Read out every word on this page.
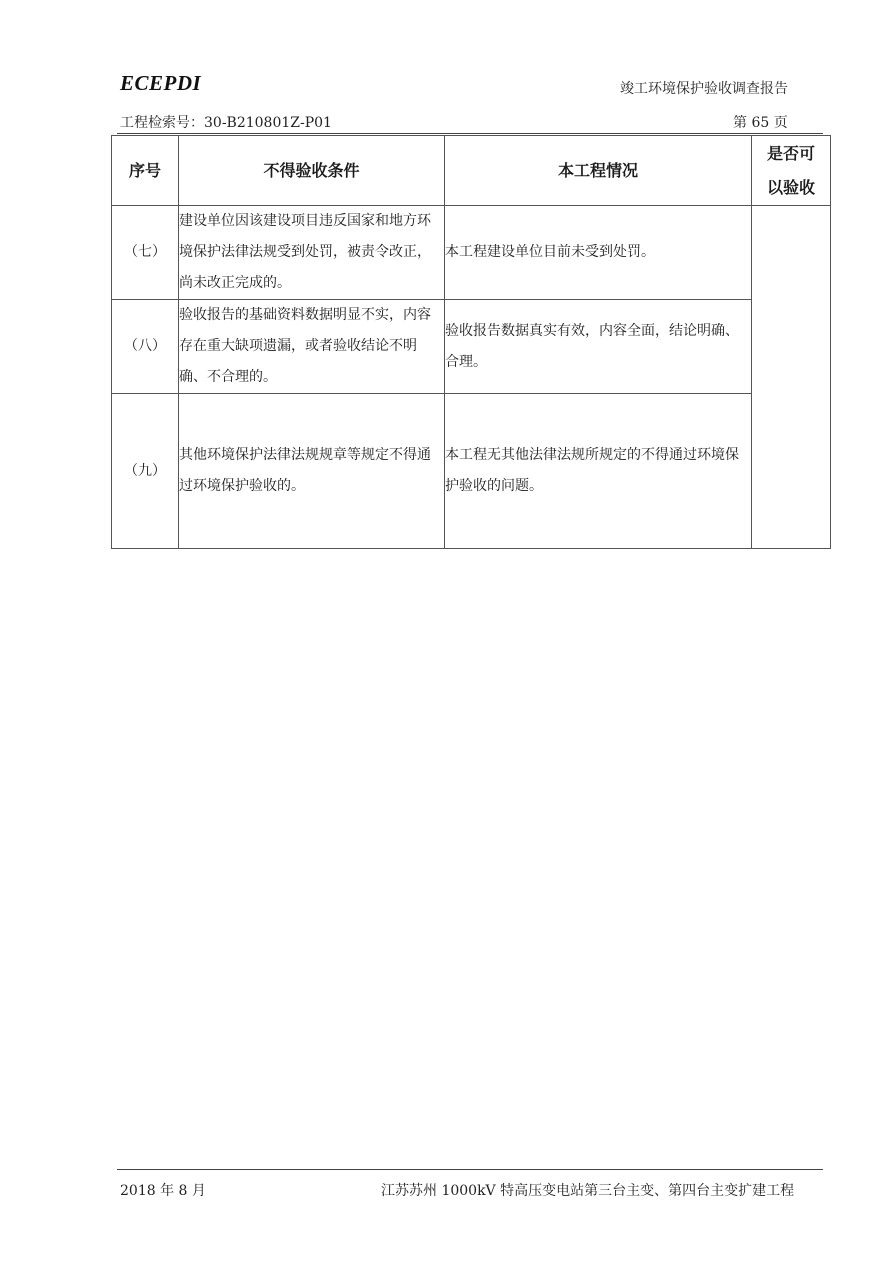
ECEPDI	竣工环境保护验收调查报告
工程检索号：30-B210801Z-P01	第 65 页
序号	不得验收条件	本工程情况	是否可
以验收

（七）	建设单位因该建设项目违反国家和地方环境保护法律法规受到处罚，被责令改正，尚未改正完成的。	本工程建设单位目前未受到处罚。	
（八）	验收报告的基础资料数据明显不实，内容存在重大缺项遗漏，或者验收结论不明确、不合理的。	验收报告数据真实有效，内容全面，结论明确、合理。	
（九）	其他环境保护法律法规规章等规定不得通过环境保护验收的。	本工程无其他法律法规所规定的不得通过环境保护验收的问题。	
2018 年 8 月	江苏苏州 1000kV 特高压变电站第三台主变、第四台主变扩建工程
